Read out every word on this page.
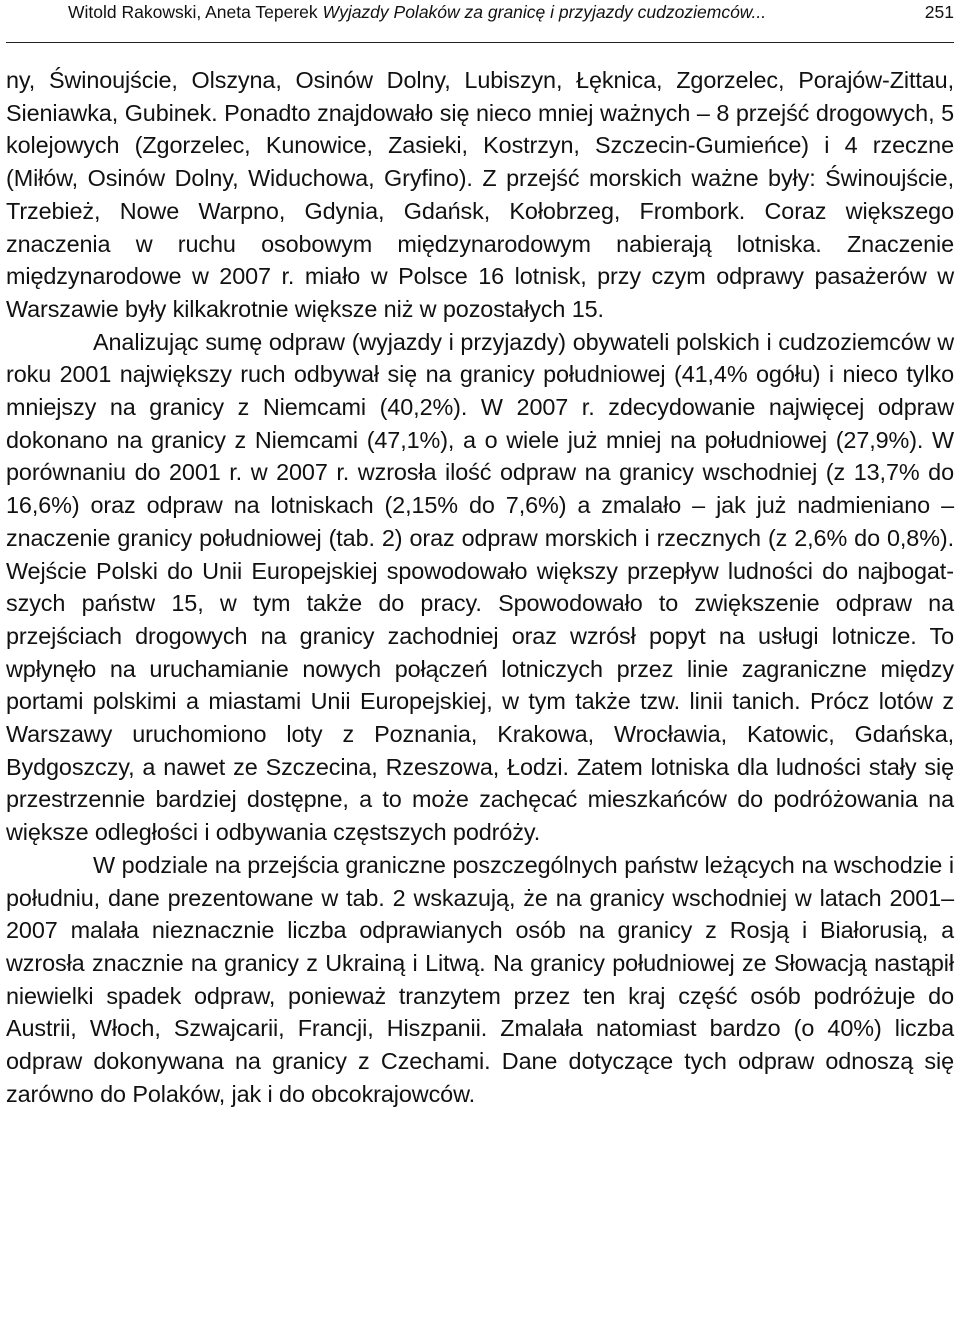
Witold Rakowski, Aneta Teperek Wyjazdy Polaków za granicę i przyjazdy cudzoziemców...	251

ny, Świnoujście, Olszyna, Osinów Dolny, Lubiszyn, Łęknica, Zgorzelec, Porajów-Zittau, Sieniawka, Gubinek. Ponadto znajdowało się nieco mniej ważnych – 8 przejść drogowych, 5 kolejowych (Zgorzelec, Kunowice, Zasieki, Kostrzyn, Szczecin-Gumieńce) i 4 rzeczne (Miłów, Osinów Dolny, Widuchowa, Gryfino). Z przejść morskich ważne były: Świnoujście, Trzebież, Nowe Warpno, Gdynia, Gdańsk, Kołobrzeg, Frombork. Coraz większego znaczenia w ruchu osobowym międzynarodowym nabierają lotniska. Znaczenie międzynarodowe w 2007 r. miało w Polsce 16 lotnisk, przy czym odprawy pasażerów w Warszawie były kilkakrotnie większe niż w pozostałych 15.

Analizując sumę odpraw (wyjazdy i przyjazdy) obywateli polskich i cudzoziemców w roku 2001 największy ruch odbywał się na granicy południowej (41,4% ogółu) i nieco tylko mniejszy na granicy z Niemcami (40,2%). W 2007 r. zdecydowanie najwięcej odpraw dokonano na granicy z Niemcami (47,1%), a o wiele już mniej na południowej (27,9%). W porównaniu do 2001 r. w 2007 r. wzrosła ilość odpraw na granicy wschodniej (z 13,7% do 16,6%) oraz odpraw na lotniskach (2,15% do 7,6%) a zmalało – jak już nadmieniano – znaczenie granicy południowej (tab. 2) oraz odpraw morskich i rzecznych (z 2,6% do 0,8%). Wejście Polski do Unii Europejskiej spowodowało większy przepływ ludności do najbogatszych państw 15, w tym także do pracy. Spowodowało to zwiększenie odpraw na przejściach drogowych na granicy zachodniej oraz wzrósł popyt na usługi lotnicze. To wpłynęło na uruchamianie nowych połączeń lotniczych przez linie zagraniczne między portami polskimi a miastami Unii Europejskiej, w tym także tzw. linii tanich. Prócz lotów z Warszawy uruchomiono loty z Poznania, Krakowa, Wrocławia, Katowic, Gdańska, Bydgoszczy, a nawet ze Szczecina, Rzeszowa, Łodzi. Zatem lotniska dla ludności stały się przestrzennie bardziej dostępne, a to może zachęcać mieszkańców do podróżowania na większe odległości i odbywania częstszych podróży.

W podziale na przejścia graniczne poszczególnych państw leżących na wschodzie i południu, dane prezentowane w tab. 2 wskazują, że na granicy wschodniej w latach 2001–2007 malała nieznacznie liczba odprawianych osób na granicy z Rosją i Białorusią, a wzrosła znacznie na granicy z Ukrainą i Litwą. Na granicy południowej ze Słowacją nastąpił niewielki spadek odpraw, ponieważ tranzytem przez ten kraj część osób podróżuje do Austrii, Włoch, Szwajcarii, Francji, Hiszpanii. Zmalała natomiast bardzo (o 40%) liczba odpraw dokonywana na granicy z Czechami. Dane dotyczące tych odpraw odnoszą się zarówno do Polaków, jak i do obcokrajowców.
